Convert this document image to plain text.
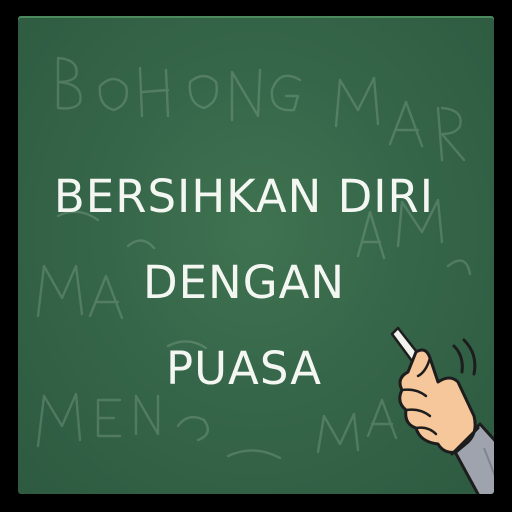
BERSIHKAN DIRI
DENGAN
PUASA
